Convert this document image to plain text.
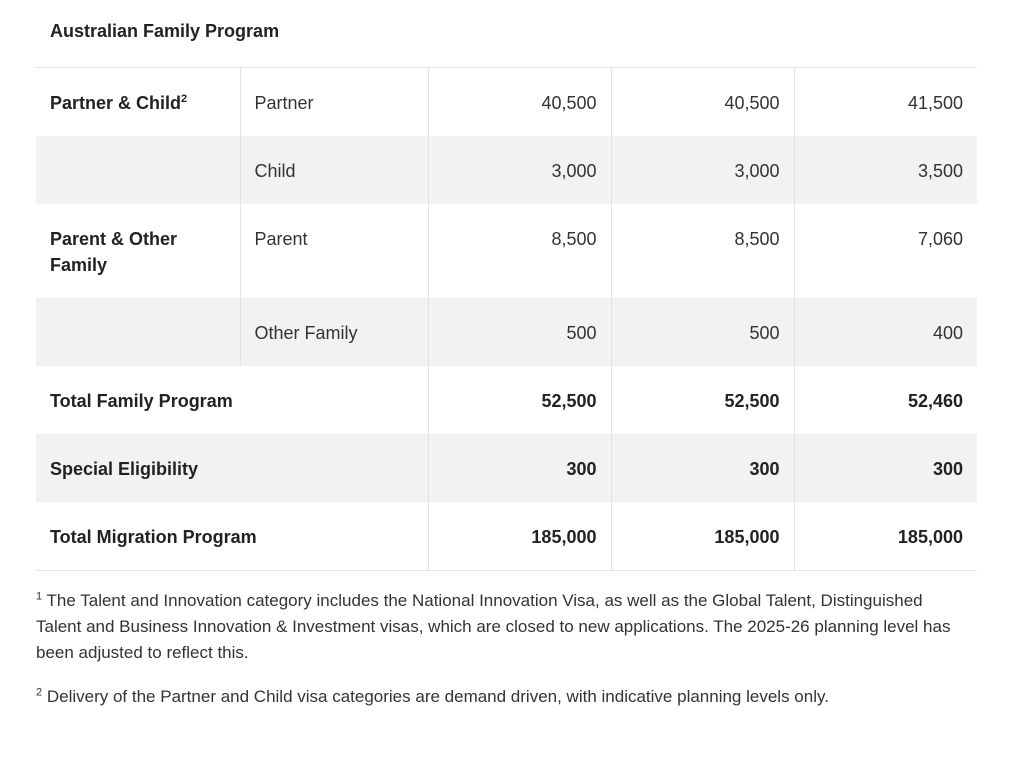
Australian Family Program
Partner & Child$^2$	Partner	40,500	40,500	41,500
	Child	3,000	3,000	3,500
Parent & Other Family	Parent	8,500	8,500	7,060
	Other Family	500	500	400
Total Family Program		52,500	52,500	52,460
Special Eligibility		300	300	300
Total Migration Program		185,000	185,000	185,000

$^1$ The Talent and Innovation category includes the National Innovation Visa, as well as the Global Talent, Distinguished Talent and Business Innovation & Investment visas, which are closed to new applications. The 2025-26 planning level has been adjusted to reflect this.

$^2$ Delivery of the Partner and Child visa categories are demand driven, with indicative planning levels only.
